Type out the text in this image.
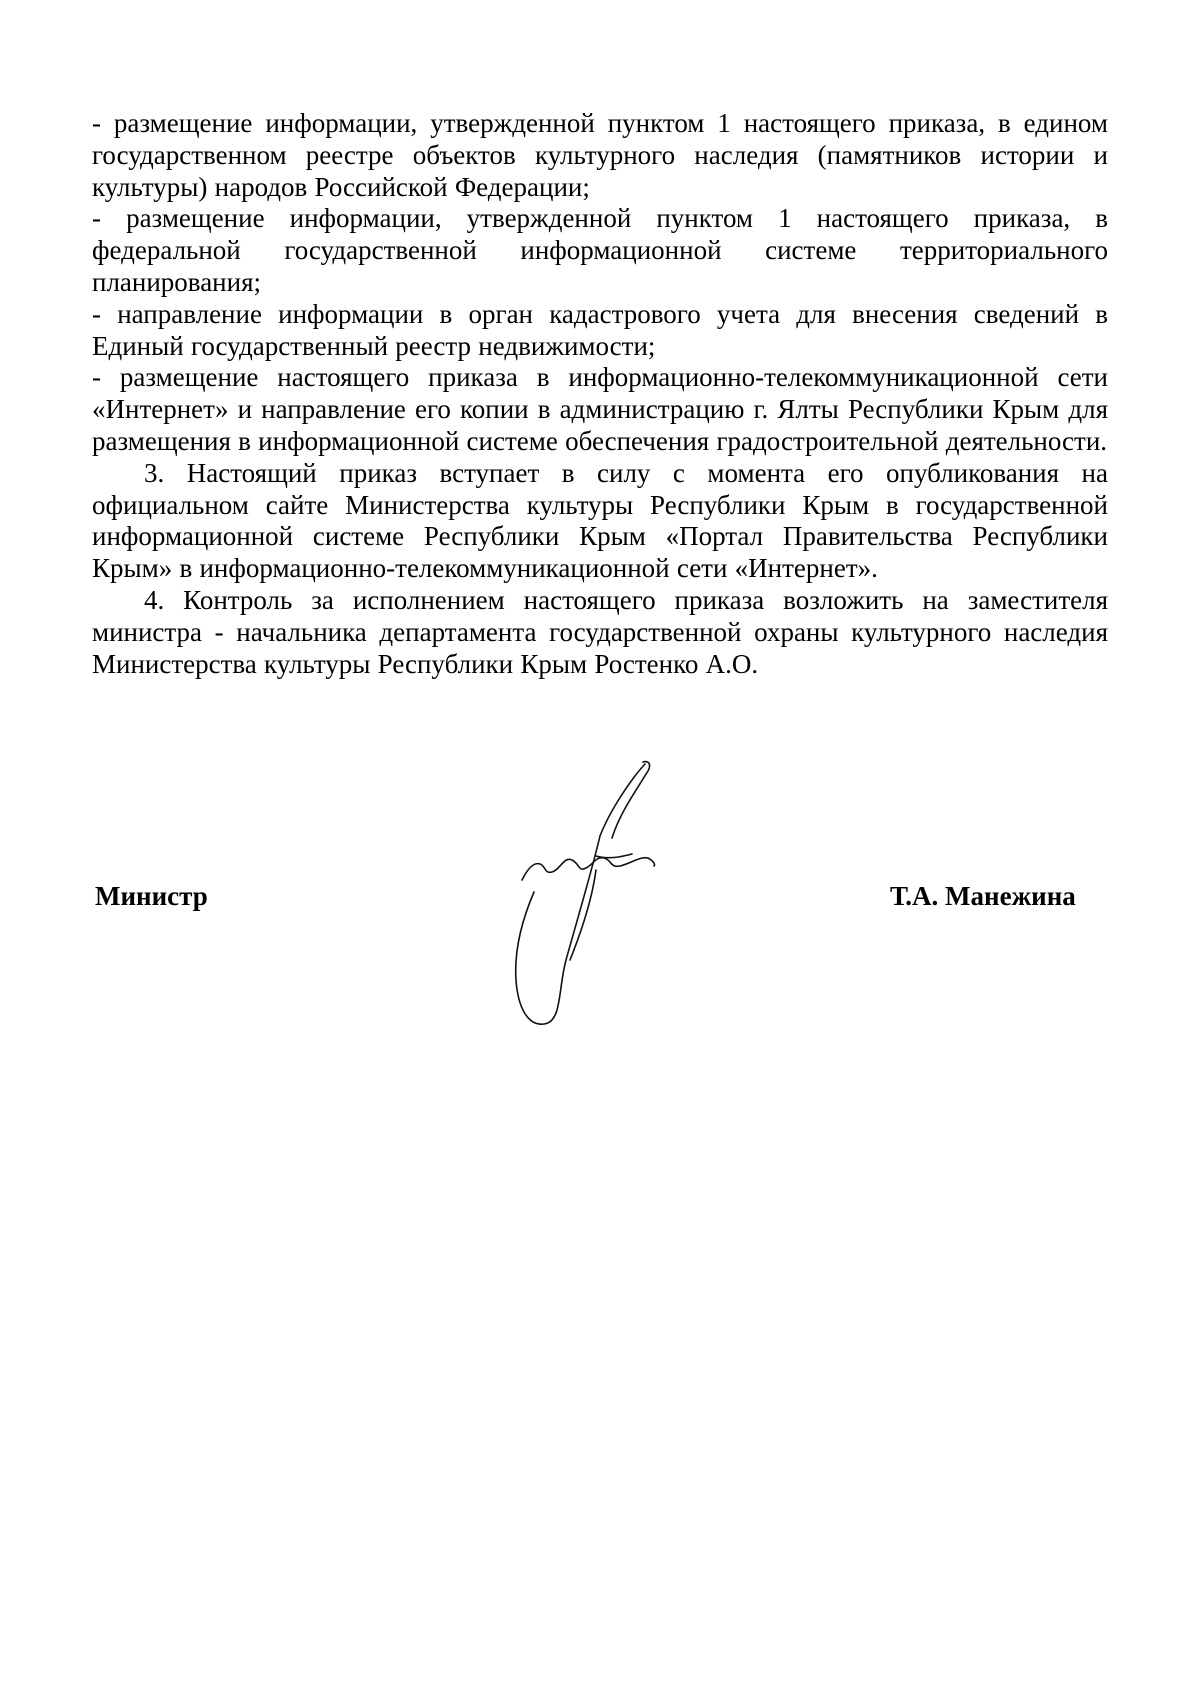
- размещение информации, утвержденной пунктом 1 настоящего приказа, в едином государственном реестре объектов культурного наследия (памятников истории и культуры) народов Российской Федерации;

- размещение информации, утвержденной пунктом 1 настоящего приказа, в федеральной государственной информационной системе территориального планирования;

- направление информации в орган кадастрового учета для внесения сведений в Единый государственный реестр недвижимости;

- размещение настоящего приказа в информационно-телекоммуникационной сети «Интернет» и направление его копии в администрацию г. Ялты Республики Крым для размещения в информационной системе обеспечения градостроительной деятельности.

3. Настоящий приказ вступает в силу с момента его опубликования на официальном сайте Министерства культуры Республики Крым в государственной информационной системе Республики Крым «Портал Правительства Республики Крым» в информационно-телекоммуникационной сети «Интернет».

4. Контроль за исполнением настоящего приказа возложить на заместителя министра - начальника департамента государственной охраны культурного наследия Министерства культуры Республики Крым Ростенко А.О.

Министр	Т.А. Манежина
